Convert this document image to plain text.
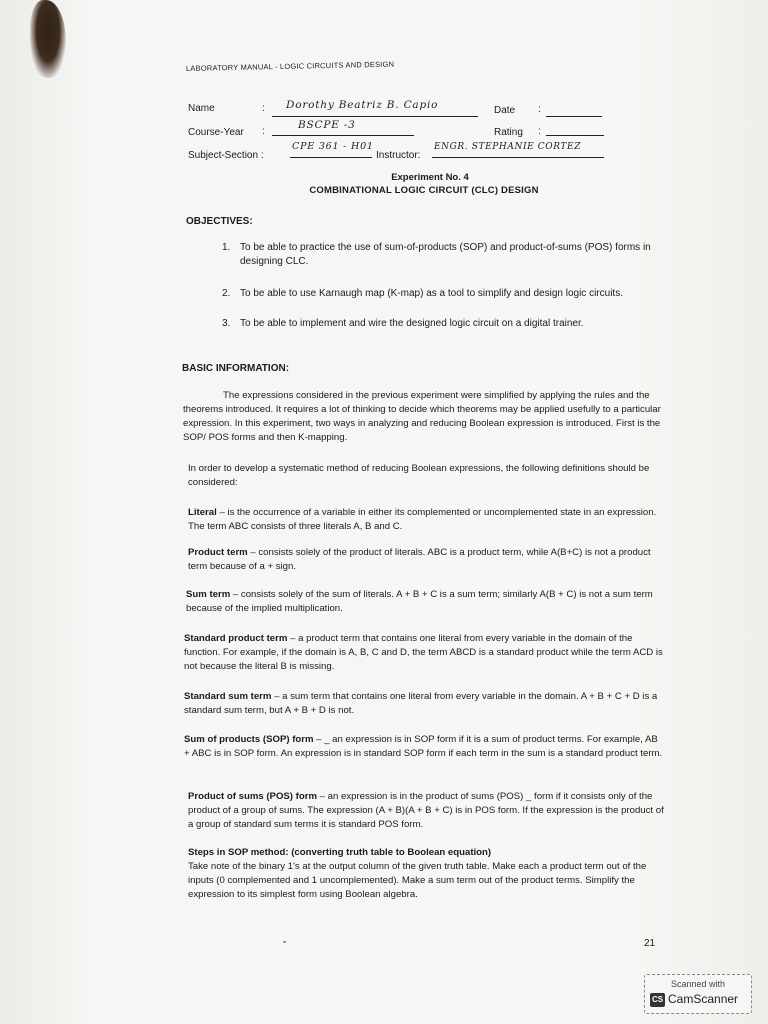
LABORATORY MANUAL - LOGIC CIRCUITS AND DESIGN
Name	: Dorothy Beatriz B. Capio	Date :
Course-Year :
BSCPE -3
Rating :
Subject-Section :
CPE 361 - H01
Instructor:
ENGR. STEPHANIE CORTEZ
Experiment No. 4
COMBINATIONAL LOGIC CIRCUIT (CLC) DESIGN
OBJECTIVES:
1. To be able to practice the use of sum-of-products (SOP) and product-of-sums (POS) forms in designing CLC.
2. To be able to use Karnaugh map (K-map) as a tool to simplify and design logic circuits.
3. To be able to implement and wire the designed logic circuit on a digital trainer.
BASIC INFORMATION:
The expressions considered in the previous experiment were simplified by applying the rules and the theorems introduced. It requires a lot of thinking to decide which theorems may be applied usefully to a particular expression. In this experiment, two ways in analyzing and reducing Boolean expression is introduced. First is the SOP/ POS forms and then K-mapping.
In order to develop a systematic method of reducing Boolean expressions, the following definitions should be considered:
Literal – is the occurrence of a variable in either its complemented or uncomplemented state in an expression. The term ABC consists of three literals A, B and C.
Product term – consists solely of the product of literals. ABC is a product term, while A(B+C) is not a product term because of a + sign.
Sum term – consists solely of the sum of literals. A + B + C is a sum term; similarly A(B + C) is not a sum term because of the implied multiplication.
Standard product term – a product term that contains one literal from every variable in the domain of the function. For example, if the domain is A, B, C and D, the term ABCD is a standard product while the term ACD is not because the literal B is missing.
Standard sum term – a sum term that contains one literal from every variable in the domain. A + B + C + D is a standard sum term, but A + B + D is not.
Sum of products (SOP) form – _ an expression is in SOP form if it is a sum of product terms. For example, AB + ABC is in SOP form. An expression is in standard SOP form if each term in the sum is a standard product term.
Product of sums (POS) form – an expression is in the product of sums (POS) _ form if it consists only of the product of a group of sums. The expression (A + B)(A + B + C) is in POS form. If the expression is the product of a group of standard sum terms it is standard POS form.
Steps in SOP method: (converting truth table to Boolean equation)
Take note of the binary 1's at the output column of the given truth table. Make each a product term out of the inputs (0 complemented and 1 uncomplemented). Make a sum term out of the product terms. Simplify the expression to its simplest form using Boolean algebra.
21
Scanned with
CS CamScanner
